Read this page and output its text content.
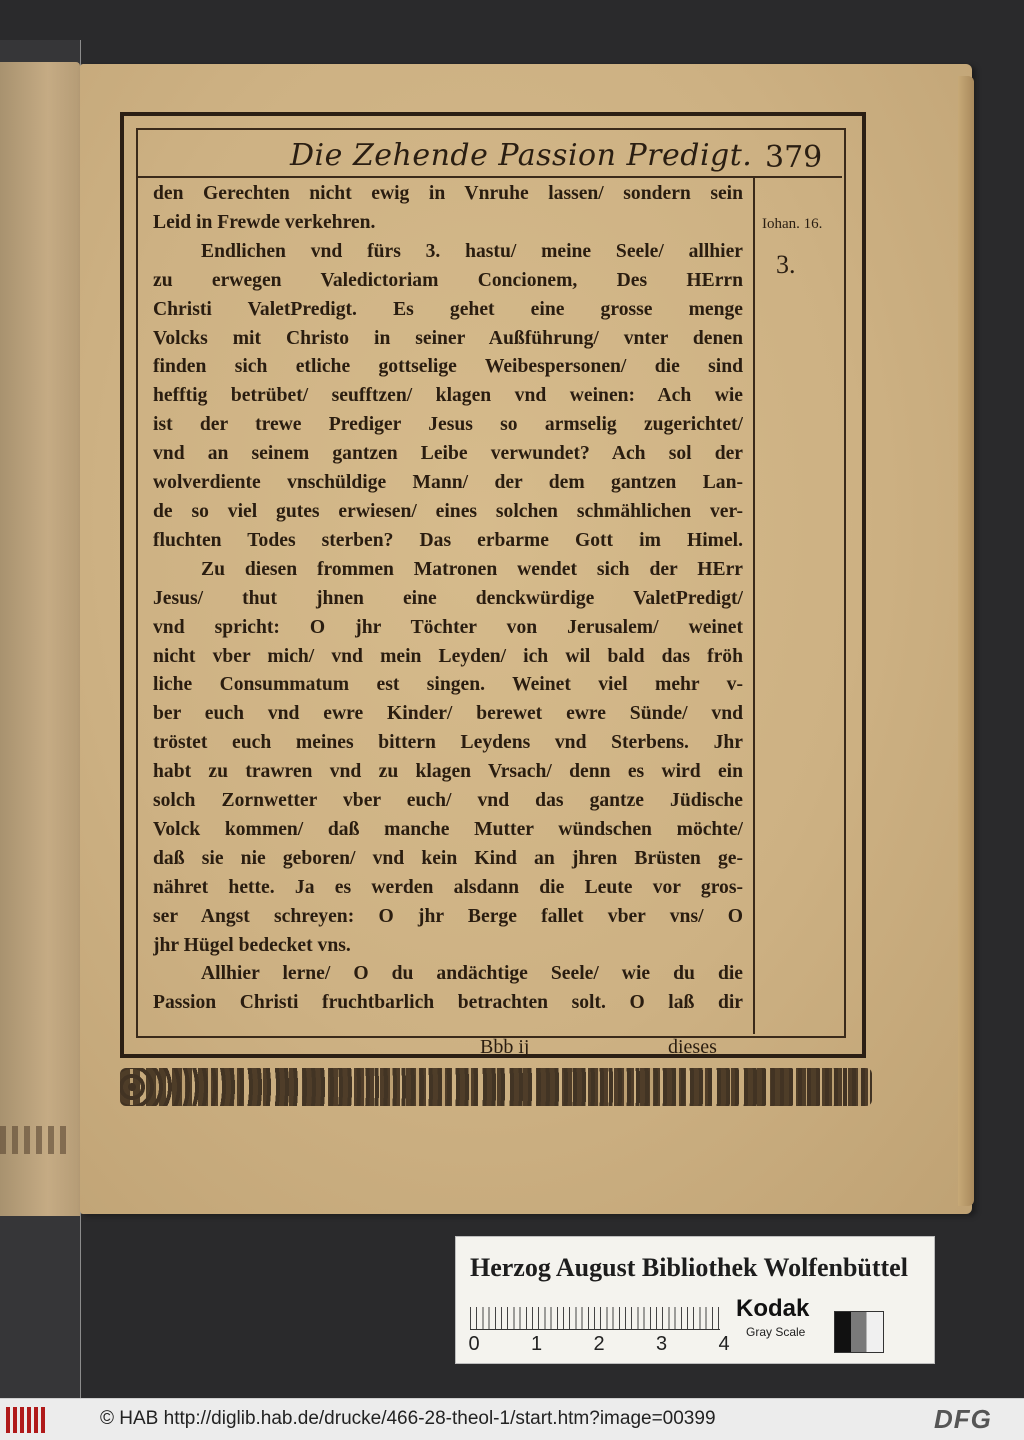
Die Zehende Passion Predigt. 379
Iohan. 16.
3.
den Gerechten nicht ewig in Vnruhe lassen/ sondern sein
Leid in Frewde verkehren.
Endlichen vnd fürs 3. hastu/ meine Seele/ allhier
zu erwegen Valedictoriam Concionem, Des HErrn
Christi ValetPredigt. Es gehet eine grosse menge
Volcks mit Christo in seiner Außführung/ vnter denen
finden sich etliche gottselige Weibespersonen/ die sind
hefftig betrübet/ seufftzen/ klagen vnd weinen: Ach wie
ist der trewe Prediger Jesus so armselig zugerichtet/
vnd an seinem gantzen Leibe verwundet? Ach sol der
wolverdiente vnschüldige Mann/ der dem gantzen Lan-
de so viel gutes erwiesen/ eines solchen schmählichen ver-
fluchten Todes sterben? Das erbarme Gott im Himel.
Zu diesen frommen Matronen wendet sich der HErr
Jesus/ thut jhnen eine denckwürdige ValetPredigt/
vnd spricht: O jhr Töchter von Jerusalem/ weinet
nicht vber mich/ vnd mein Leyden/ ich wil bald das fröh
liche Consummatum est singen. Weinet viel mehr v-
ber euch vnd ewre Kinder/ berewet ewre Sünde/ vnd
tröstet euch meines bittern Leydens vnd Sterbens. Jhr
habt zu trawren vnd zu klagen Vrsach/ denn es wird ein
solch Zornwetter vber euch/ vnd das gantze Jüdische
Volck kommen/ daß manche Mutter wündschen möchte/
daß sie nie geboren/ vnd kein Kind an jhren Brüsten ge-
nähret hette. Ja es werden alsdann die Leute vor gros-
ser Angst schreyen: O jhr Berge fallet vber vns/ O
jhr Hügel bedecket vns.
Allhier lerne/ O du andächtige Seele/ wie du die
Passion Christi fruchtbarlich betrachten solt. O laß dir
Bbb ij	dieses
Herzog August Bibliothek Wolfenbüttel
0	1	2	3	4
Kodak
Gray Scale
© HAB http://diglib.hab.de/drucke/466-28-theol-1/start.htm?image=00399	DFG
